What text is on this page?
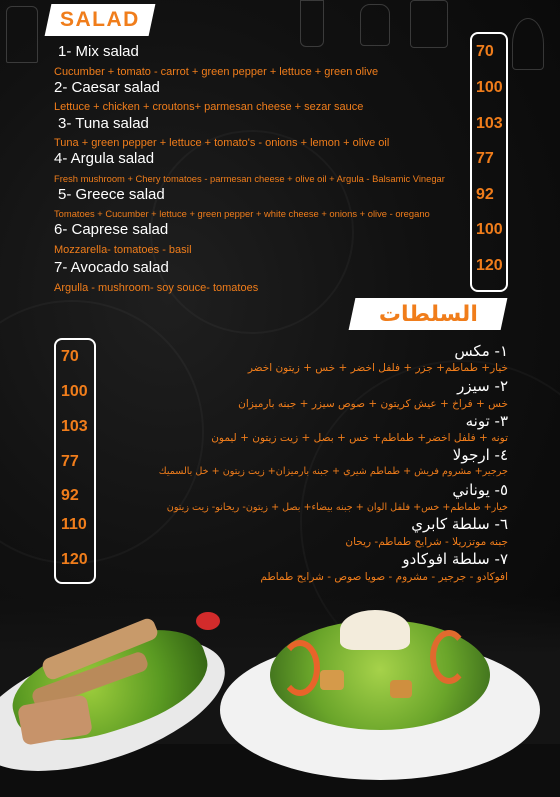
SALAD
1- Mix salad
Cucumber + tomato - carrot + green pepper + lettuce + green olive
2- Caesar salad
Lettuce + chicken + croutons+ parmesan cheese + sezar sauce
3- Tuna salad
Tuna + green pepper + lettuce + tomato's - onions + lemon + olive oil
4- Argula salad
Fresh mushroom + Chery tomatoes - parmesan cheese + olive oil + Argula - Balsamic Vinegar
5- Greece salad
Tomatoes + Cucumber + lettuce + green pepper + white cheese + onions + olive - oregano
6- Caprese salad
Mozzarella- tomatoes - basil
7- Avocado salad
Argulla - mushroom- soy souce- tomatoes
70
100
103
77
92
100
120
السلطات
70
100
103
77
92
110
120
١- مكس
خيار+ طماطم+ جزر + فلفل اخضر + خس + زيتون اخضر
٢- سيزر
خس + فراخ + عيش كريتون + صوص سيزر + جبنه بارميزان
٣- تونه
تونه + فلفل اخضر+ طماطم+ خس + بصل + زيت زيتون + ليمون
٤- ارجولا
جرجير+ مشروم فريش + طماطم شيري + جبنه بارميزان+ زيت زيتون + خل بالسميك
٥- يوناني
خيار+ طماطم+ خس+ فلفل الوان + جبنه بيضاء+ بصل + زيتون- ريحانو- زيت زيتون
٦- سلطة كابري
جبنه موتزريلا - شرايح طماطم- ريحان
٧- سلطة افوكادو
افوكادو - جرجير - مشروم - صويا صوص - شرايح طماطم
